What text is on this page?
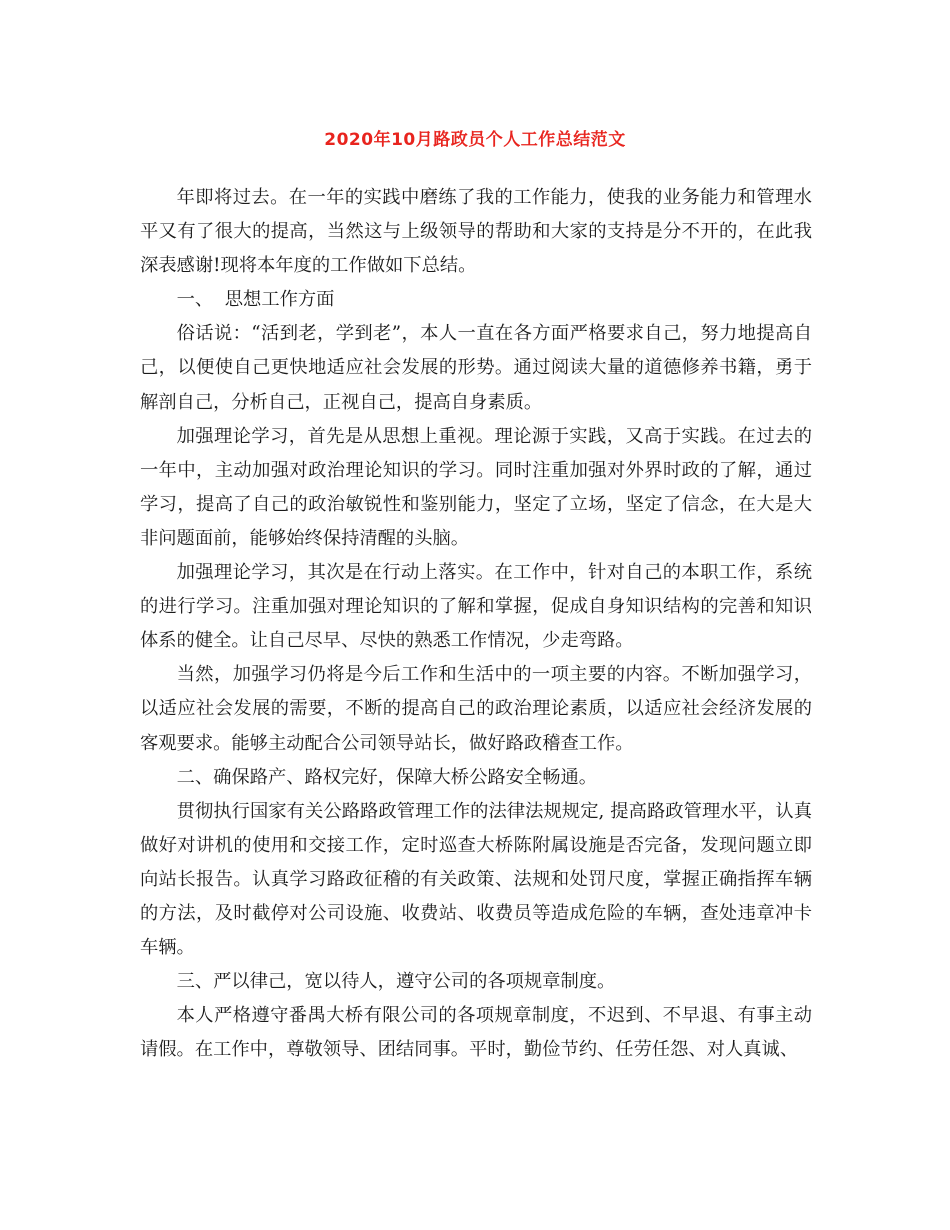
2020年10月路政员个人工作总结范文

年即将过去。在一年的实践中磨练了我的工作能力，使我的业务能力和管理水平又有了很大的提高，当然这与上级领导的帮助和大家的支持是分不开的，在此我深表感谢!现将本年度的工作做如下总结。

一、  思想工作方面

俗话说：“活到老，学到老”，本人一直在各方面严格要求自己，努力地提高自己，以便使自己更快地适应社会发展的形势。通过阅读大量的道德修养书籍，勇于解剖自己，分析自己，正视自己，提高自身素质。

加强理论学习，首先是从思想上重视。理论源于实践，又高于实践。在过去的一年中，主动加强对政治理论知识的学习。同时注重加强对外界时政的了解，通过学习，提高了自己的政治敏锐性和鉴别能力，坚定了立场，坚定了信念，在大是大非问题面前，能够始终保持清醒的头脑。

加强理论学习，其次是在行动上落实。在工作中，针对自己的本职工作，系统的进行学习。注重加强对理论知识的了解和掌握，促成自身知识结构的完善和知识体系的健全。让自己尽早、尽快的熟悉工作情况，少走弯路。

当然，加强学习仍将是今后工作和生活中的一项主要的内容。不断加强学习，以适应社会发展的需要，不断的提高自己的政治理论素质，以适应社会经济发展的客观要求。能够主动配合公司领导站长，做好路政稽查工作。

二、确保路产、路权完好，保障大桥公路安全畅通。

贯彻执行国家有关公路路政管理工作的法律法规规定, 提高路政管理水平，认真做好对讲机的使用和交接工作，定时巡查大桥陈附属设施是否完备，发现问题立即向站长报告。认真学习路政征稽的有关政策、法规和处罚尺度，掌握正确指挥车辆的方法，及时截停对公司设施、收费站、收费员等造成危险的车辆，查处违章冲卡车辆。

三、严以律己，宽以待人，遵守公司的各项规章制度。

本人严格遵守番禺大桥有限公司的各项规章制度，不迟到、不早退、有事主动请假。在工作中，尊敬领导、团结同事。平时，勤俭节约、任劳任怨、对人真诚、
